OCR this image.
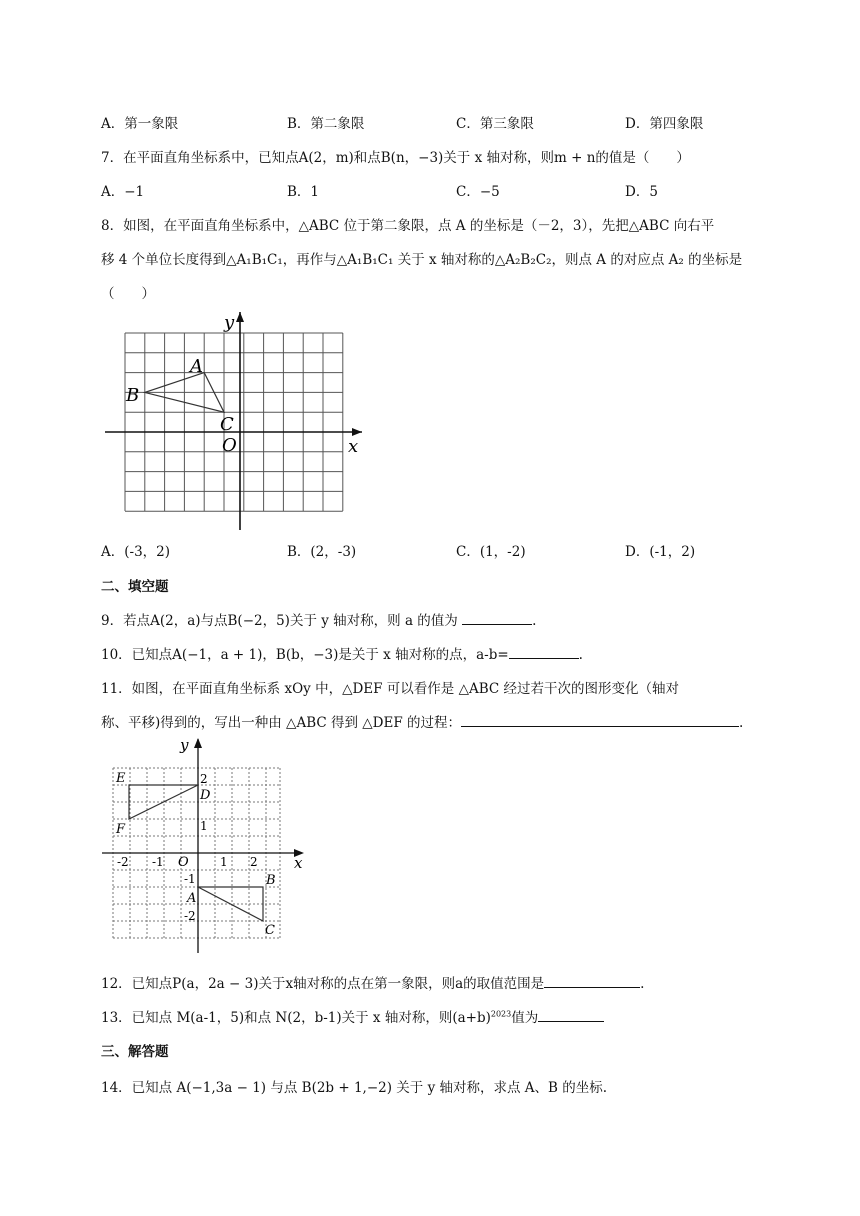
A．第一象限	B．第二象限	C．第三象限	D．第四象限
7．在平面直角坐标系中，已知点A(2，m)和点B(n，−3)关于 x 轴对称，则m + n的值是（　　）
A．−1	B．1	C．−5	D．5
8．如图，在平面直角坐标系中，△ABC 位于第二象限，点 A 的坐标是（－2，3），先把△ABC 向右平
移 4 个单位长度得到△A₁B₁C₁，再作与△A₁B₁C₁ 关于 x 轴对称的△A₂B₂C₂，则点 A 的对应点 A₂ 的坐标是
（　　）
y
x
A
B
C
O
A．(-3，2)	B．(2，-3)	C．(1，-2)	D．(-1，2)
二、填空题
9．若点A(2，a)与点B(−2，5)关于 y 轴对称，则 a 的值为	.
10．已知点A(−1，a + 1)，B(b，−3)是关于 x 轴对称的点，a-b=	.
11．如图，在平面直角坐标系 xOy 中，△DEF 可以看作是 △ABC 经过若干次的图形变化（轴对
称、平移)得到的，写出一种由 △ABC 得到 △DEF 的过程：	.
y
x
E
D
F
A
B
C
O
2
1
-1
-2
-2 -1	1 2
12．已知点P(a，2a − 3)关于x轴对称的点在第一象限，则a的取值范围是	.
13．已知点 M(a-1，5)和点 N(2，b-1)关于 x 轴对称，则$(a+b)^{2023}$值为
三、解答题
14．已知点 A(−1,3a − 1) 与点 B(2b + 1,−2) 关于 y 轴对称，求点 A、B 的坐标.
